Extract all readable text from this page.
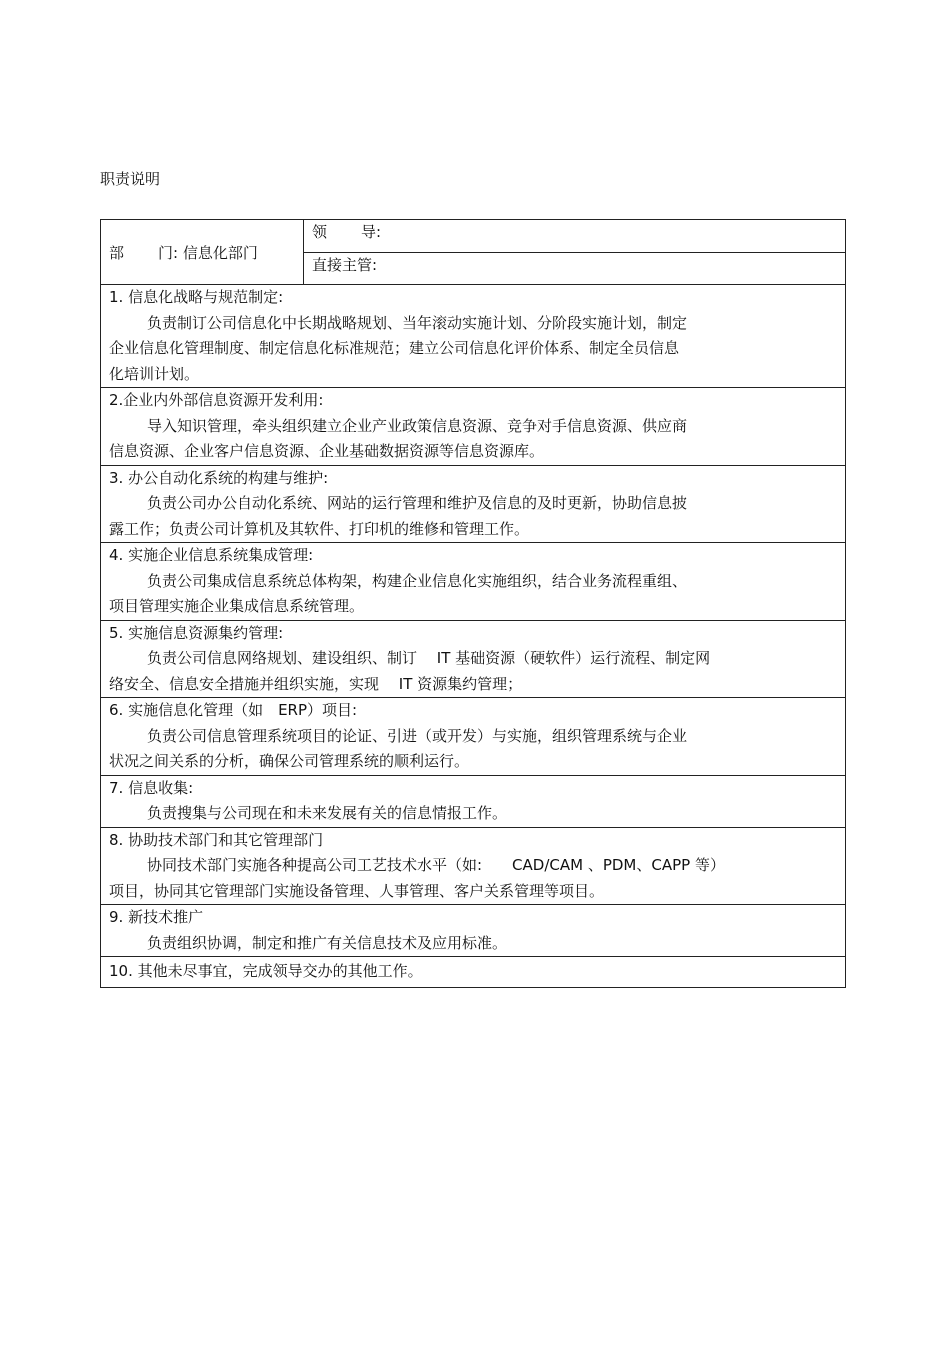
职责说明
部 门: 信息化部门	领 导:
直接主管:

1. 信息化战略与规范制定:
负责制订公司信息化中长期战略规划、当年滚动实施计划、分阶段实施计划，制定
企业信息化管理制度、制定信息化标准规范；建立公司信息化评价体系、制定全员信息
化培训计划。

2.企业内外部信息资源开发利用:
导入知识管理，牵头组织建立企业产业政策信息资源、竞争对手信息资源、供应商
信息资源、企业客户信息资源、企业基础数据资源等信息资源库。

3. 办公自动化系统的构建与维护:
负责公司办公自动化系统、网站的运行管理和维护及信息的及时更新，协助信息披
露工作；负责公司计算机及其软件、打印机的维修和管理工作。

4. 实施企业信息系统集成管理:
负责公司集成信息系统总体构架，构建企业信息化实施组织，结合业务流程重组、
项目管理实施企业集成信息系统管理。

5. 实施信息资源集约管理:
负责公司信息网络规划、建设组织、制订　 IT 基础资源（硬软件）运行流程、制定网
络安全、信息安全措施并组织实施，实现　 IT 资源集约管理；

6. 实施信息化管理（如　ERP）项目:
负责公司信息管理系统项目的论证、引进（或开发）与实施，组织管理系统与企业
状况之间关系的分析，确保公司管理系统的顺利运行。

7. 信息收集:
负责搜集与公司现在和未来发展有关的信息情报工作。

8. 协助技术部门和其它管理部门
协同技术部门实施各种提高公司工艺技术水平（如:　　CAD/CAM 、PDM、CAPP 等）
项目，协同其它管理部门实施设备管理、人事管理、客户关系管理等项目。

9. 新技术推广
负责组织协调，制定和推广有关信息技术及应用标准。

10. 其他未尽事宜，完成领导交办的其他工作。
